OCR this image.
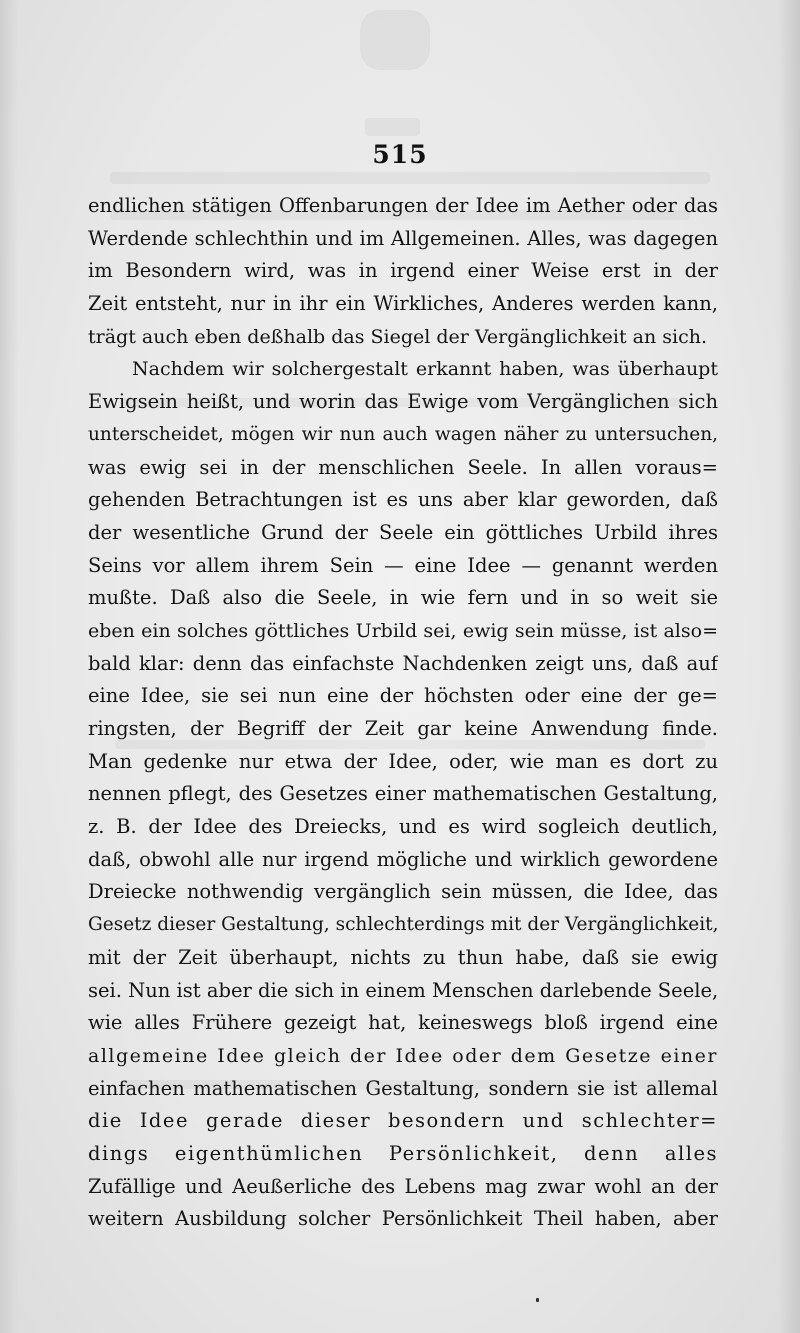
515
endlichen stätigen Offenbarungen der Idee im Aether oder das
Werdende schlechthin und im Allgemeinen. Alles, was dagegen
im Besondern wird, was in irgend einer Weise erst in der
Zeit entsteht, nur in ihr ein Wirkliches, Anderes werden kann,
trägt auch eben deßhalb das Siegel der Vergänglichkeit an sich.
Nachdem wir solchergestalt erkannt haben, was überhaupt
Ewigsein heißt, und worin das Ewige vom Vergänglichen sich
unterscheidet, mögen wir nun auch wagen näher zu untersuchen,
was ewig sei in der menschlichen Seele. In allen voraus=
gehenden Betrachtungen ist es uns aber klar geworden, daß
der wesentliche Grund der Seele ein göttliches Urbild ihres
Seins vor allem ihrem Sein — eine Idee — genannt werden
mußte. Daß also die Seele, in wie fern und in so weit sie
eben ein solches göttliches Urbild sei, ewig sein müsse, ist also=
bald klar: denn das einfachste Nachdenken zeigt uns, daß auf
eine Idee, sie sei nun eine der höchsten oder eine der ge=
ringsten, der Begriff der Zeit gar keine Anwendung finde.
Man gedenke nur etwa der Idee, oder, wie man es dort zu
nennen pflegt, des Gesetzes einer mathematischen Gestaltung,
z. B. der Idee des Dreiecks, und es wird sogleich deutlich,
daß, obwohl alle nur irgend mögliche und wirklich gewordene
Dreiecke nothwendig vergänglich sein müssen, die Idee, das
Gesetz dieser Gestaltung, schlechterdings mit der Vergänglichkeit,
mit der Zeit überhaupt, nichts zu thun habe, daß sie ewig
sei. Nun ist aber die sich in einem Menschen darlebende Seele,
wie alles Frühere gezeigt hat, keineswegs bloß irgend eine
allgemeine Idee gleich der Idee oder dem Gesetze einer
einfachen mathematischen Gestaltung, sondern sie ist allemal
die Idee gerade dieser besondern und schlechter=
dings eigenthümlichen Persönlichkeit, denn alles
Zufällige und Aeußerliche des Lebens mag zwar wohl an der
weitern Ausbildung solcher Persönlichkeit Theil haben, aber
